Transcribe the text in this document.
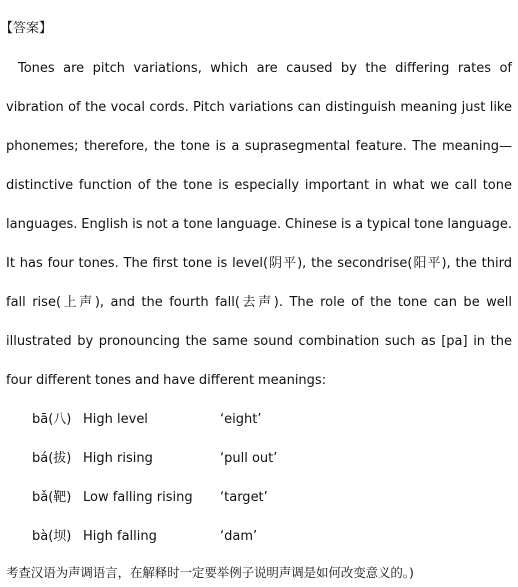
【答案】

Tones are pitch variations, which are caused by the differing rates of vibration of the vocal cords. Pitch variations can distinguish meaning just like phonemes; therefore, the tone is a suprasegmental feature. The meaning—distinctive function of the tone is especially important in what we call tone languages. English is not a tone language. Chinese is a typical tone language. It has four tones. The first tone is level(阴平), the secondrise(阳平), the third fall rise(上声), and the fourth fall(去声). The role of the tone can be well illustrated by pronouncing the same sound combination such as [pa] in the four different tones and have different meanings:

bā(八) High level	‘eight’
bá(拔) High rising	‘pull out’
bǎ(靶) Low falling rising ‘target’
bà(坝) High falling	‘dam’
考查汉语为声调语言，在解释时一定要举例子说明声调是如何改变意义的。)
